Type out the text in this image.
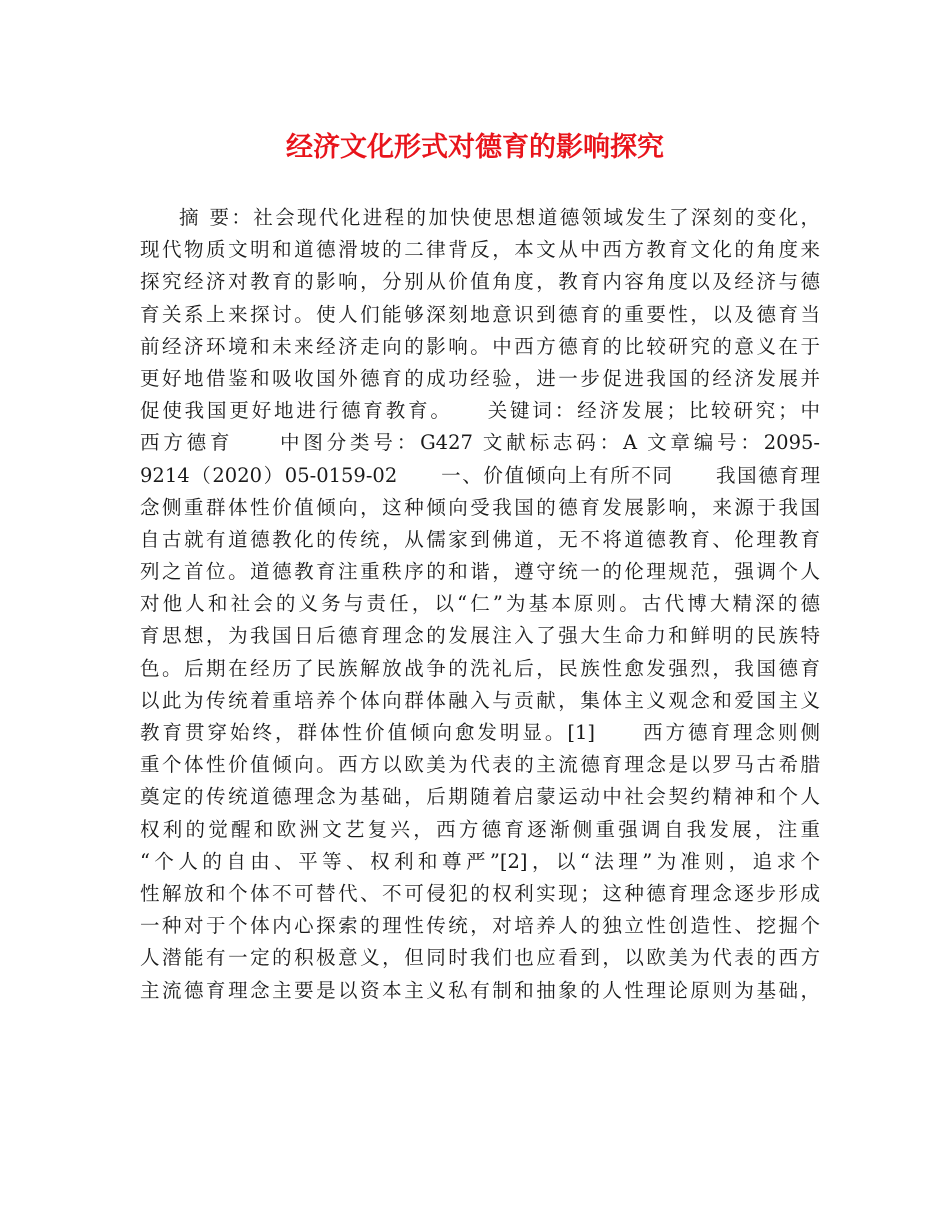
经济文化形式对德育的影响探究
摘 要：社会现代化进程的加快使思想道德领域发生了深刻的变化，
现代物质文明和道德滑坡的二律背反，本文从中西方教育文化的角度来
探究经济对教育的影响，分别从价值角度，教育内容角度以及经济与德
育关系上来探讨。使人们能够深刻地意识到德育的重要性，以及德育当
前经济环境和未来经济走向的影响。中西方德育的比较研究的意义在于
更好地借鉴和吸收国外德育的成功经验，进一步促进我国的经济发展并
促使我国更好地进行德育教育。　　关键词：经济发展；比较研究；中
西方德育　　中图分类号：G427 文献标志码：A 文章编号：2095-
9214（2020）05-0159-02　　一、价值倾向上有所不同　　我国德育理
念侧重群体性价值倾向，这种倾向受我国的德育发展影响，来源于我国
自古就有道德教化的传统，从儒家到佛道，无不将道德教育、伦理教育
列之首位。道德教育注重秩序的和谐，遵守统一的伦理规范，强调个人
对他人和社会的义务与责任，以“仁”为基本原则。古代博大精深的德
育思想，为我国日后德育理念的发展注入了强大生命力和鲜明的民族特
色。后期在经历了民族解放战争的洗礼后，民族性愈发强烈，我国德育
以此为传统着重培养个体向群体融入与贡献，集体主义观念和爱国主义
教育贯穿始终，群体性价值倾向愈发明显。[1]　　西方德育理念则侧
重个体性价值倾向。西方以欧美为代表的主流德育理念是以罗马古希腊
奠定的传统道德理念为基础，后期随着启蒙运动中社会契约精神和个人
权利的觉醒和欧洲文艺复兴，西方德育逐渐侧重强调自我发展，注重
“个人的自由、平等、权利和尊严”[2]，以“法理”为准则，追求个
性解放和个体不可替代、不可侵犯的权利实现；这种德育理念逐步形成
一种对于个体内心探索的理性传统，对培养人的独立性创造性、挖掘个
人潜能有一定的积极意义，但同时我们也应看到，以欧美为代表的西方
主流德育理念主要是以资本主义私有制和抽象的人性理论原则为基础，
